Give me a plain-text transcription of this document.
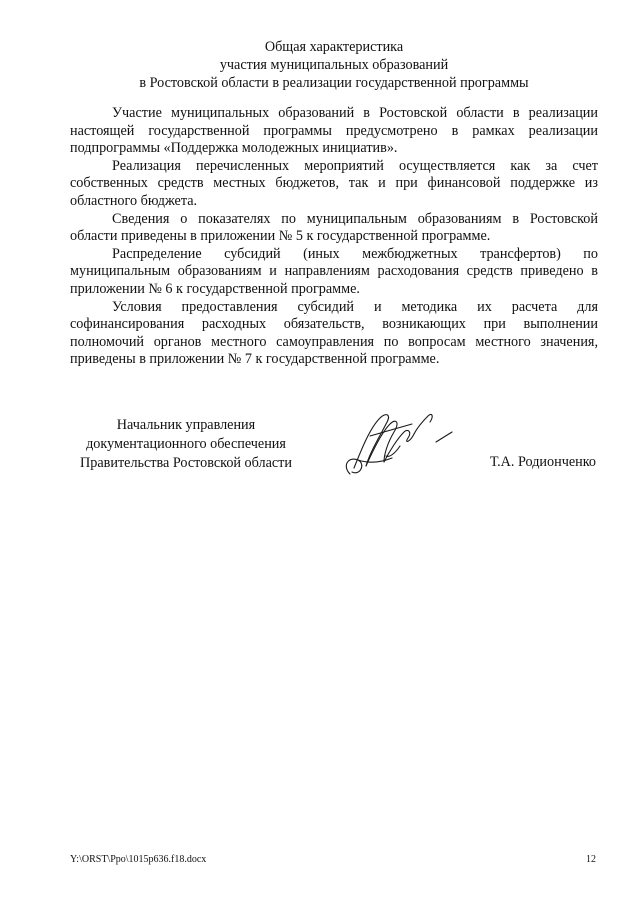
Общая характеристика
участия муниципальных образований
в Ростовской области в реализации государственной программы

Участие муниципальных образований в Ростовской области в реализации настоящей государственной программы предусмотрено в рамках реализации подпрограммы «Поддержка молодежных инициатив».

Реализация перечисленных мероприятий осуществляется как за счет собственных средств местных бюджетов, так и при финансовой поддержке из областного бюджета.

Сведения о показателях по муниципальным образованиям в Ростовской области приведены в приложении № 5 к государственной программе.

Распределение субсидий (иных межбюджетных трансфертов) по муниципальным образованиям и направлениям расходования средств приведено в приложении № 6 к государственной программе.

Условия предоставления субсидий и методика их расчета для софинансирования расходных обязательств, возникающих при выполнении полномочий органов местного самоуправления по вопросам местного значения, приведены в приложении № 7 к государственной программе.

Начальник управления
документационного обеспечения
Правительства Ростовской области	Т.А. Родионченко
Y:\ORST\Ppo\1015p636.f18.docx	12
